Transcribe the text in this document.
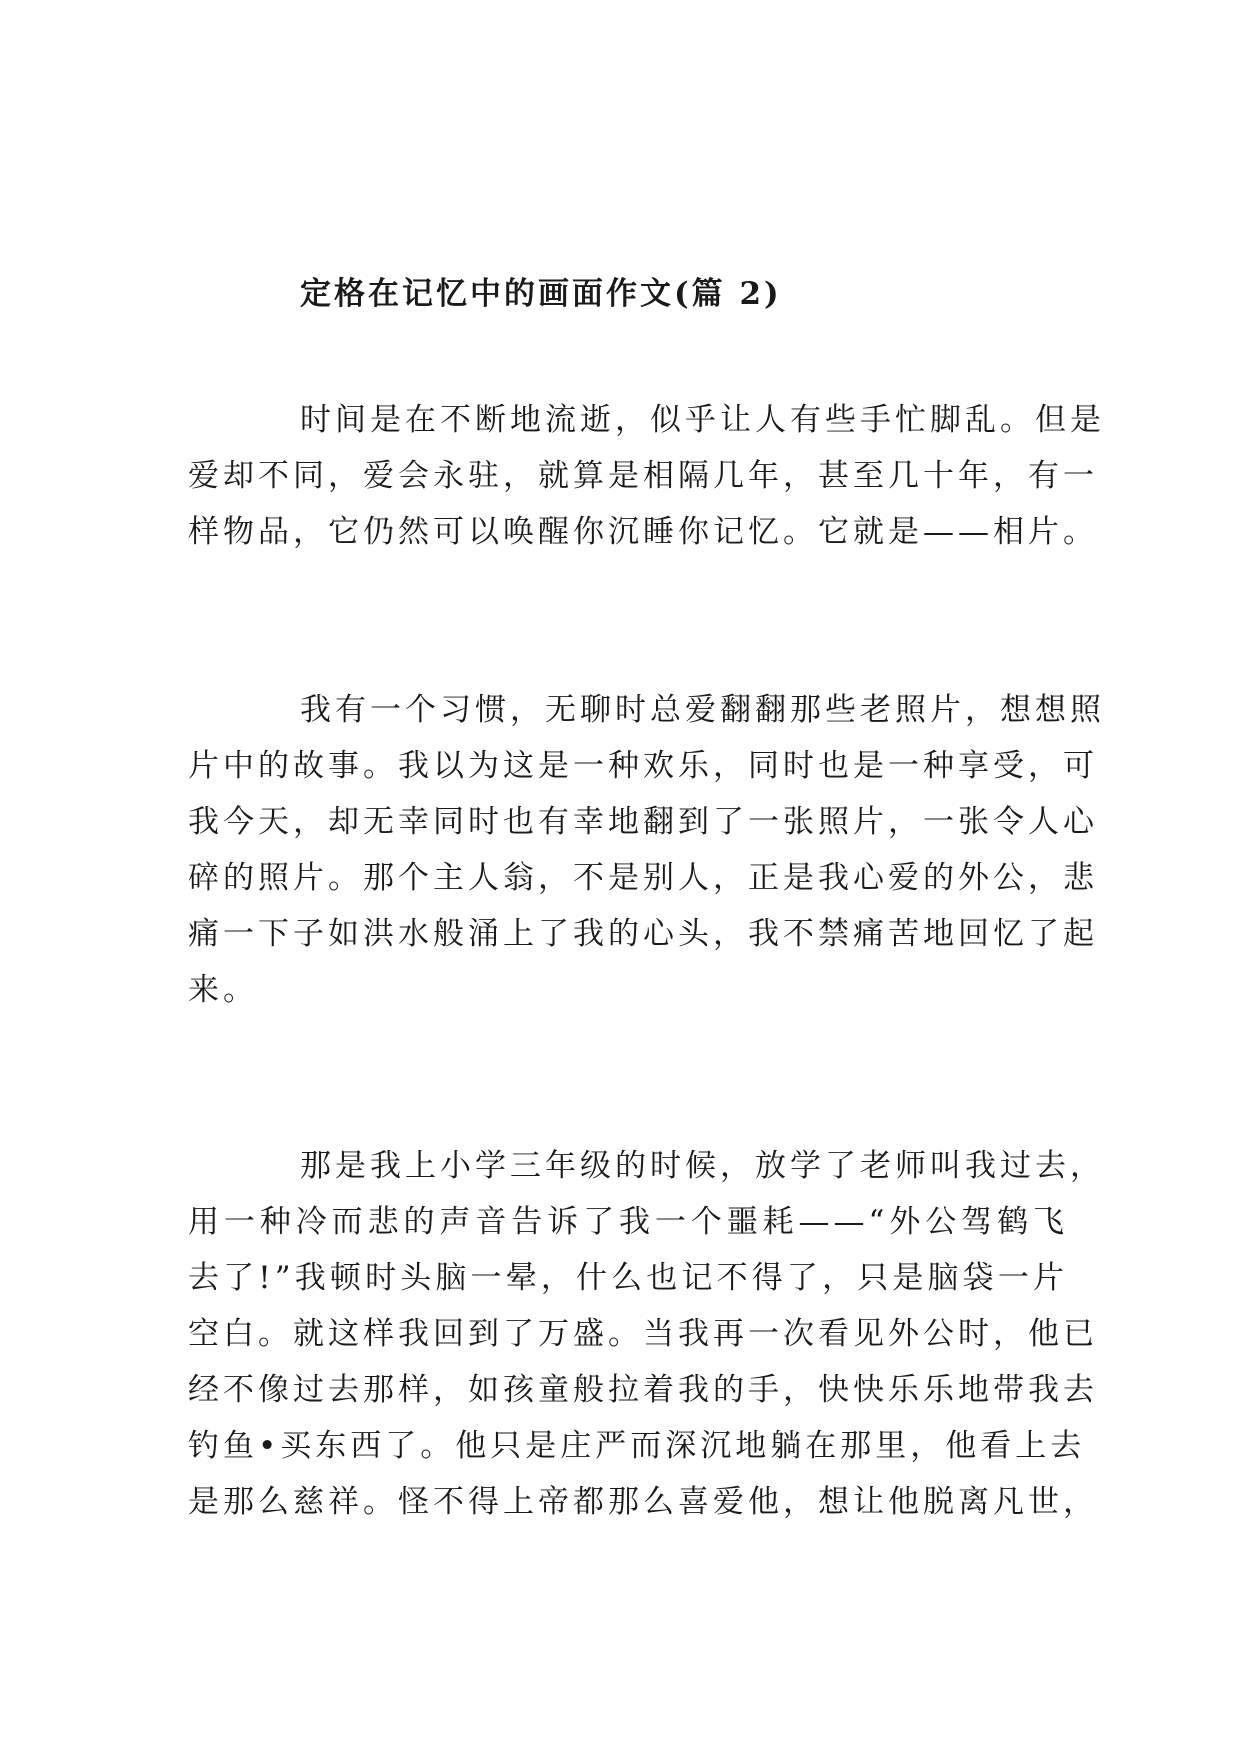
定格在记忆中的画面作文(篇 2)
时间是在不断地流逝，似乎让人有些手忙脚乱。但是
爱却不同，爱会永驻，就算是相隔几年，甚至几十年，有一
样物品，它仍然可以唤醒你沉睡你记忆。它就是——相片。
我有一个习惯，无聊时总爱翻翻那些老照片，想想照
片中的故事。我以为这是一种欢乐，同时也是一种享受，可
我今天，却无幸同时也有幸地翻到了一张照片，一张令人心
碎的照片。那个主人翁，不是别人，正是我心爱的外公，悲
痛一下子如洪水般涌上了我的心头，我不禁痛苦地回忆了起
来。
那是我上小学三年级的时候，放学了老师叫我过去，
用一种冷而悲的声音告诉了我一个噩耗——“外公驾鹤飞
去了!”我顿时头脑一晕，什么也记不得了，只是脑袋一片
空白。就这样我回到了万盛。当我再一次看见外公时，他已
经不像过去那样，如孩童般拉着我的手，快快乐乐地带我去
钓鱼•买东西了。他只是庄严而深沉地躺在那里，他看上去
是那么慈祥。怪不得上帝都那么喜爱他，想让他脱离凡世，
